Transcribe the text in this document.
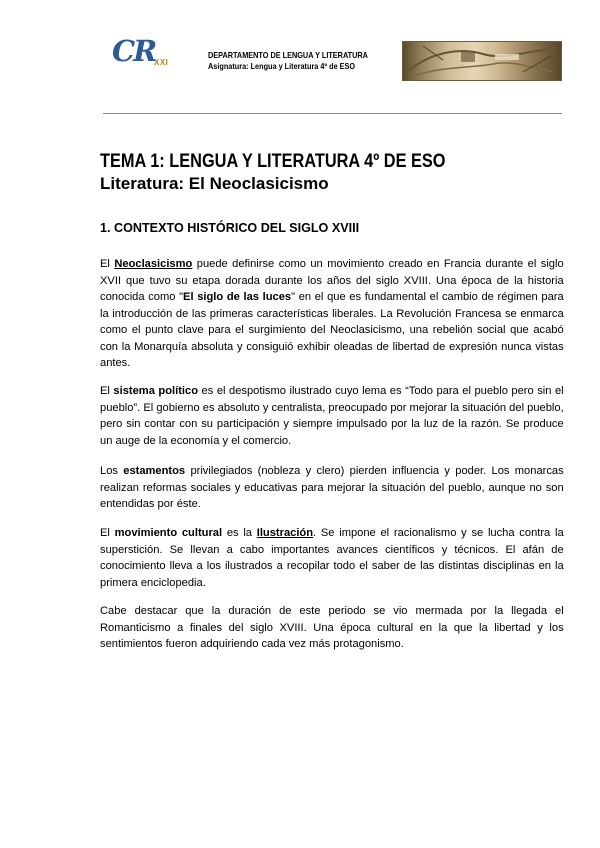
CR
XXI
DEPARTAMENTO DE LENGUA Y LITERATURA
Asignatura: Lengua y Literatura 4º de ESO
TEMA 1: LENGUA Y LITERATURA 4º DE ESO
Literatura: El Neoclasicismo
1. CONTEXTO HISTÓRICO DEL SIGLO XVIII

El Neoclasicismo puede definirse como un movimiento creado en Francia durante el siglo XVII que tuvo su etapa dorada durante los años del siglo XVIII. Una época de la historia conocida como "El siglo de las luces" en el que es fundamental el cambio de régimen para la introducción de las primeras características liberales. La Revolución Francesa se enmarca como el punto clave para el surgimiento del Neoclasicismo, una rebelión social que acabó con la Monarquía absoluta y consiguió exhibir oleadas de libertad de expresión nunca vistas antes.

El sistema político es el despotismo ilustrado cuyo lema es “Todo para el pueblo pero sin el pueblo”. El gobierno es absoluto y centralista, preocupado por mejorar la situación del pueblo, pero sin contar con su participación y siempre impulsado por la luz de la razón. Se produce un auge de la economía y el comercio.

Los estamentos privilegiados (nobleza y clero) pierden influencia y poder. Los monarcas realizan reformas sociales y educativas para mejorar la situación del pueblo, aunque no son entendidas por éste.

El movimiento cultural es la Ilustración. Se impone el racionalismo y se lucha contra la superstición. Se llevan a cabo importantes avances científicos y técnicos. El afán de conocimiento lleva a los ilustrados a recopilar todo el saber de las distintas disciplinas en la primera enciclopedia.

Cabe destacar que la duración de este periodo se vio mermada por la llegada el Romanticismo a finales del siglo XVIII. Una época cultural en la que la libertad y los sentimientos fueron adquiriendo cada vez más protagonismo.
